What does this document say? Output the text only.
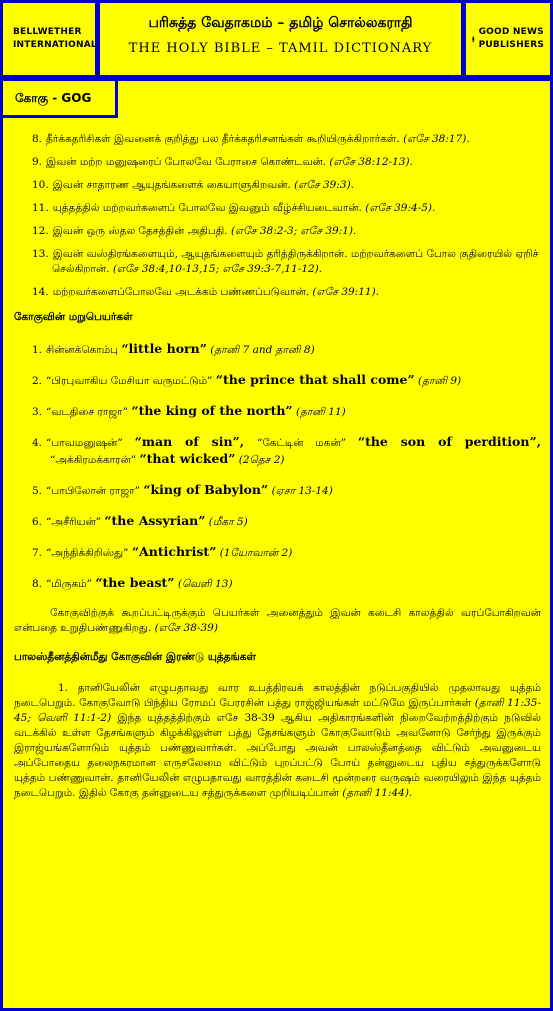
BELLWETHER INTERNATIONAL
பரிசுத்த வேதாகமம் – தமிழ் சொல்லகராதி
THE HOLY BIBLE – TAMIL DICTIONARY
GOOD NEWS PUBLISHERS
கோகு - GOG
8. தீர்க்கதரிசிகள் இவனைக் குறித்து பல தீர்க்கதரிசனங்கள் கூறியிருக்கிறார்கள். (எசே 38:17).
9. இவன் மற்ற மனுஷரைப் போலவே பேராசை கொண்டவன். (எசே 38:12-13).
10. இவன் சாதாரண ஆயுதங்களைக் கையாளுகிறவன். (எசே 39:3).
11. யுத்தத்தில் மற்றவர்களைப் போலவே இவனும் வீழ்ச்சியடைவான். (எசே 39:4-5).
12. இவன் ஒரு ஸ்தல தேசத்தின் அதிபதி. (எசே 38:2-3; எசே 39:1).
13. இவன் வஸ்திரங்களையும், ஆயுதங்களையும் தரித்திருக்கிறான். மற்றவர்களைப் போல குதிரையில் ஏறிச் செல்கிறான். (எசே 38:4,10-13,15; எசே 39:3-7,11-12).
14. மற்றவர்களைப்போலவே அடக்கம் பண்ணப்படுவான். (எசே 39:11).
கோகுவின் மறுபெயர்கள்
1. சின்னக்கொம்பு “little horn” (தானி 7 and தானி 8)
2. “பிரபுவாகிய மேசியா வருமட்டும்” “the prince that shall come” (தானி 9)
3. “வடதிசை ராஜா” “the king of the north” (தானி 11)
4. “பாவமனுஷன்” “man of sin”, “கேட்டின் மகன்” “the son of perdition”, “அக்கிரமக்காரன்” “that wicked” (2தெச 2)
5. “பாபிலோன் ராஜா” “king of Babylon” (ஏசா 13-14)
6. “அசீரியன்” “the Assyrian” (மீகா 5)
7. “அந்திக்கிறிஸ்து” “Antichrist” (1யோவான் 2)
8. “மிருகம்” “the beast” (வெளி 13)

கோகுவிற்குக் கூறப்பட்டிருக்கும் பெயர்கள் அனைத்தும் இவன் கடைசி காலத்தில் வரப்போகிறவன் என்பதை உறுதிபண்ணுகிறது. (எசே 38-39)

பாலஸ்தீனத்தின்மீது கோகுவின் இரண்டு யுத்தங்கள்

1. தானியேலின் எழுபதாவது வார உபத்திரவக் காலத்தின் நடுப்பகுதியில் முதலாவது யுத்தம் நடைபெறும். கோகுவோடு பிந்திய ரோமப் பேரரசின் பத்து ராஜ்ஜியங்கள் மட்டுமே இருப்பார்கள் (தானி 11:35-45; வெளி 11:1-2) இந்த யுத்தத்திற்கும் எசே 38-39 ஆகிய அதிகாரங்களின் நிறைவேற்றத்திற்கும் நடுவில் வடக்கில் உள்ள தேசங்களும் கிழக்கிலுள்ள பத்து தேசங்களும் கோகுவோடும் அவனோடு சேர்ந்து இருக்கும் இராஜ்யங்களோடும் யுத்தம் பண்ணுவார்கள். அப்போது அவன் பாலஸ்தீனத்தை விட்டும் அவனுடைய அப்போதைய தலைநகரமான எருசலேமை விட்டும் புறப்பட்டு போய் தன்னுடைய புதிய சத்துருக்களோடு யுத்தம் பண்ணுவான். தானியேலின் எழுபதாவது வாரத்தின் கடைசி மூன்றரை வருஷம் வரையிலும் இந்த யுத்தம் நடைபெறும். இதில் கோகு தன்னுடைய சத்துருக்களை முறியடிப்பான் (தானி 11:44).
